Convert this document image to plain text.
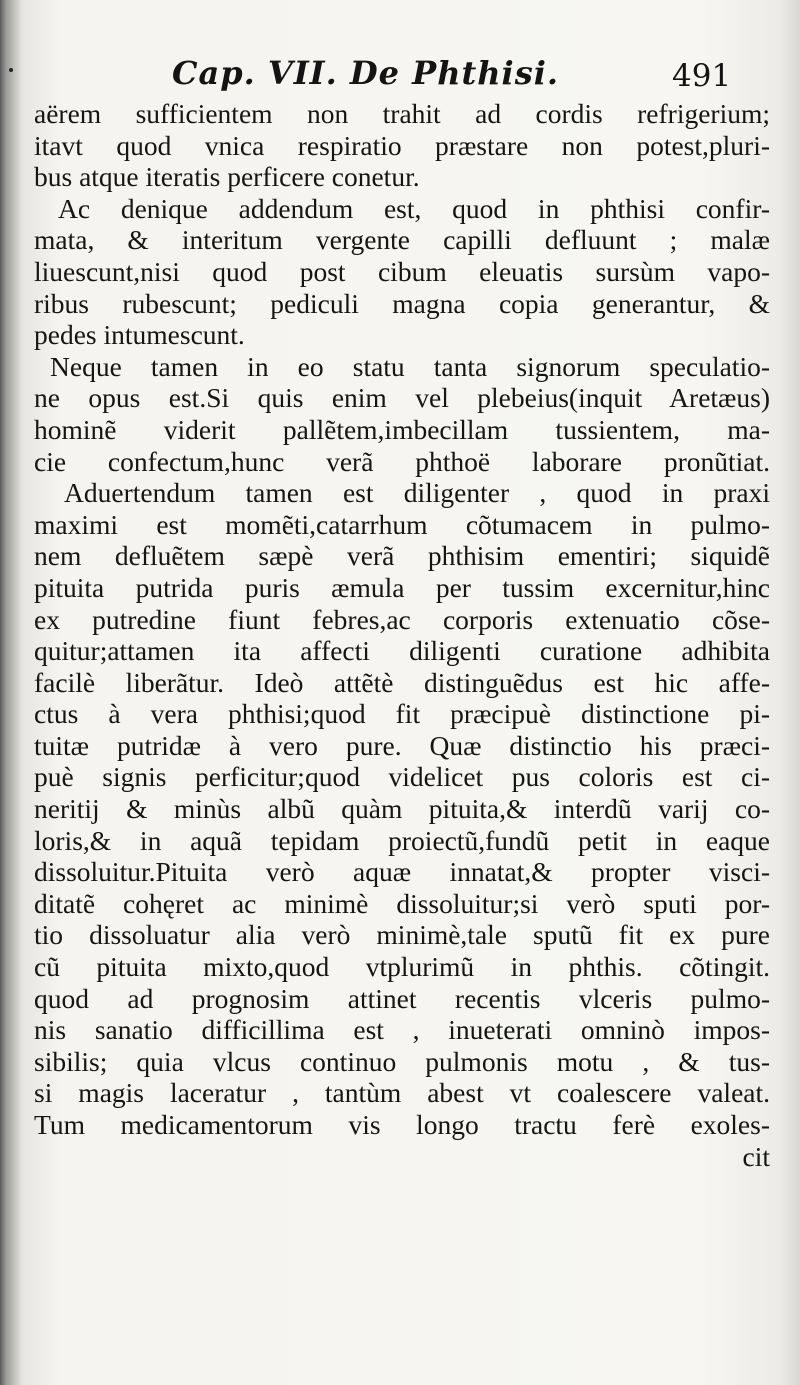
Cap. VII. De Phthisi.	491
aërem sufficientem non trahit ad cordis refrigerium;
itavt quod vnica respiratio præstare non potest,pluri-
bus atque iteratis perficere conetur.
Ac denique addendum est, quod in phthisi confir-
mata, & interitum vergente capilli defluunt ; malæ
liuescunt,nisi quod post cibum eleuatis sursùm vapo-
ribus rubescunt; pediculi magna copia generantur, &
pedes intumescunt.
Neque tamen in eo statu tanta signorum speculatio-
ne opus est.Si quis enim vel plebeius(inquit Aretæus)
hominẽ viderit pallẽtem,imbecillam tussientem, ma-
cie confectum,hunc verã phthoë laborare pronũtiat.
Aduertendum tamen est diligenter , quod in praxi
maximi est momẽti,catarrhum cõtumacem in pulmo-
nem defluẽtem sæpè verã phthisim ementiri; siquidẽ
pituita putrida puris æmula per tussim excernitur,hinc
ex putredine fiunt febres,ac corporis extenuatio cõse-
quitur;attamen ita affecti diligenti curatione adhibita
facilè liberãtur. Ideò attẽtè distinguẽdus est hic affe-
ctus à vera phthisi;quod fit præcipuè distinctione pi-
tuitæ putridæ à vero pure. Quæ distinctio his præci-
puè signis perficitur;quod videlicet pus coloris est ci-
neritij & minùs albũ quàm pituita,& interdũ varij co-
loris,& in aquã tepidam proiectũ,fundũ petit in eaque
dissoluitur.Pituita verò aquæ innatat,& propter visci-
ditatẽ cohęret ac minimè dissoluitur;si verò sputi por-
tio dissoluatur alia verò minimè,tale sputũ fit ex pure
cũ pituita mixto,quod vtplurimũ in phthis. cõtingit.
quod ad prognosim attinet recentis vlceris pulmo-
nis sanatio difficillima est , inueterati omninò impos-
sibilis; quia vlcus continuo pulmonis motu , & tus-
si magis laceratur , tantùm abest vt coalescere valeat.
Tum medicamentorum vis longo tractu ferè exoles-
cit
